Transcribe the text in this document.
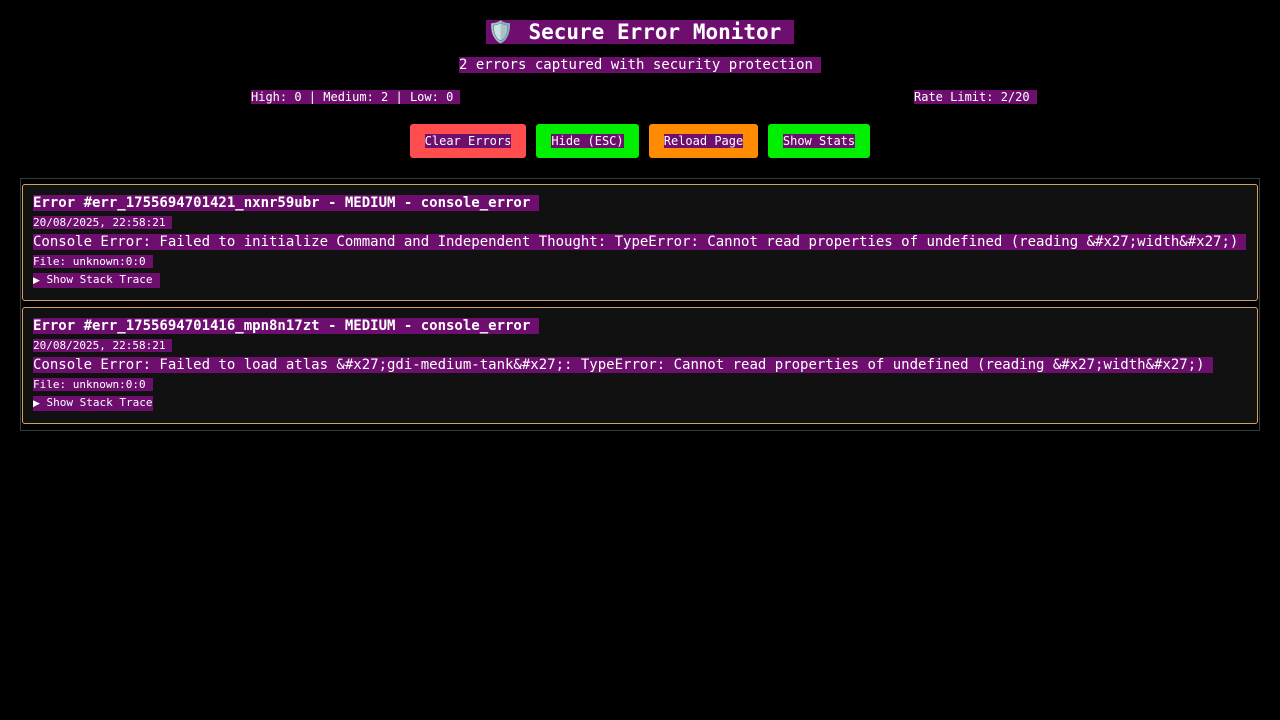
🛡️ Secure Error Monitor
2 errors captured with security protection
High: 0 | Medium: 2 | Low: 0	Rate Limit: 2/20
Clear Errors	Hide (ESC)	Reload Page	Show Stats
Error #err_1755694701421_nxnr59ubr - MEDIUM - console_error
20/08/2025, 22:58:21
Console Error: Failed to initialize Command and Independent Thought: TypeError: Cannot read properties of undefined (reading &#x27;width&#x27;)
File: unknown:0:0
▶ Show Stack Trace
Error #err_1755694701416_mpn8n17zt - MEDIUM - console_error
20/08/2025, 22:58:21
Console Error: Failed to load atlas &#x27;gdi-medium-tank&#x27;: TypeError: Cannot read properties of undefined (reading &#x27;width&#x27;)
File: unknown:0:0
▶ Show Stack Trace
